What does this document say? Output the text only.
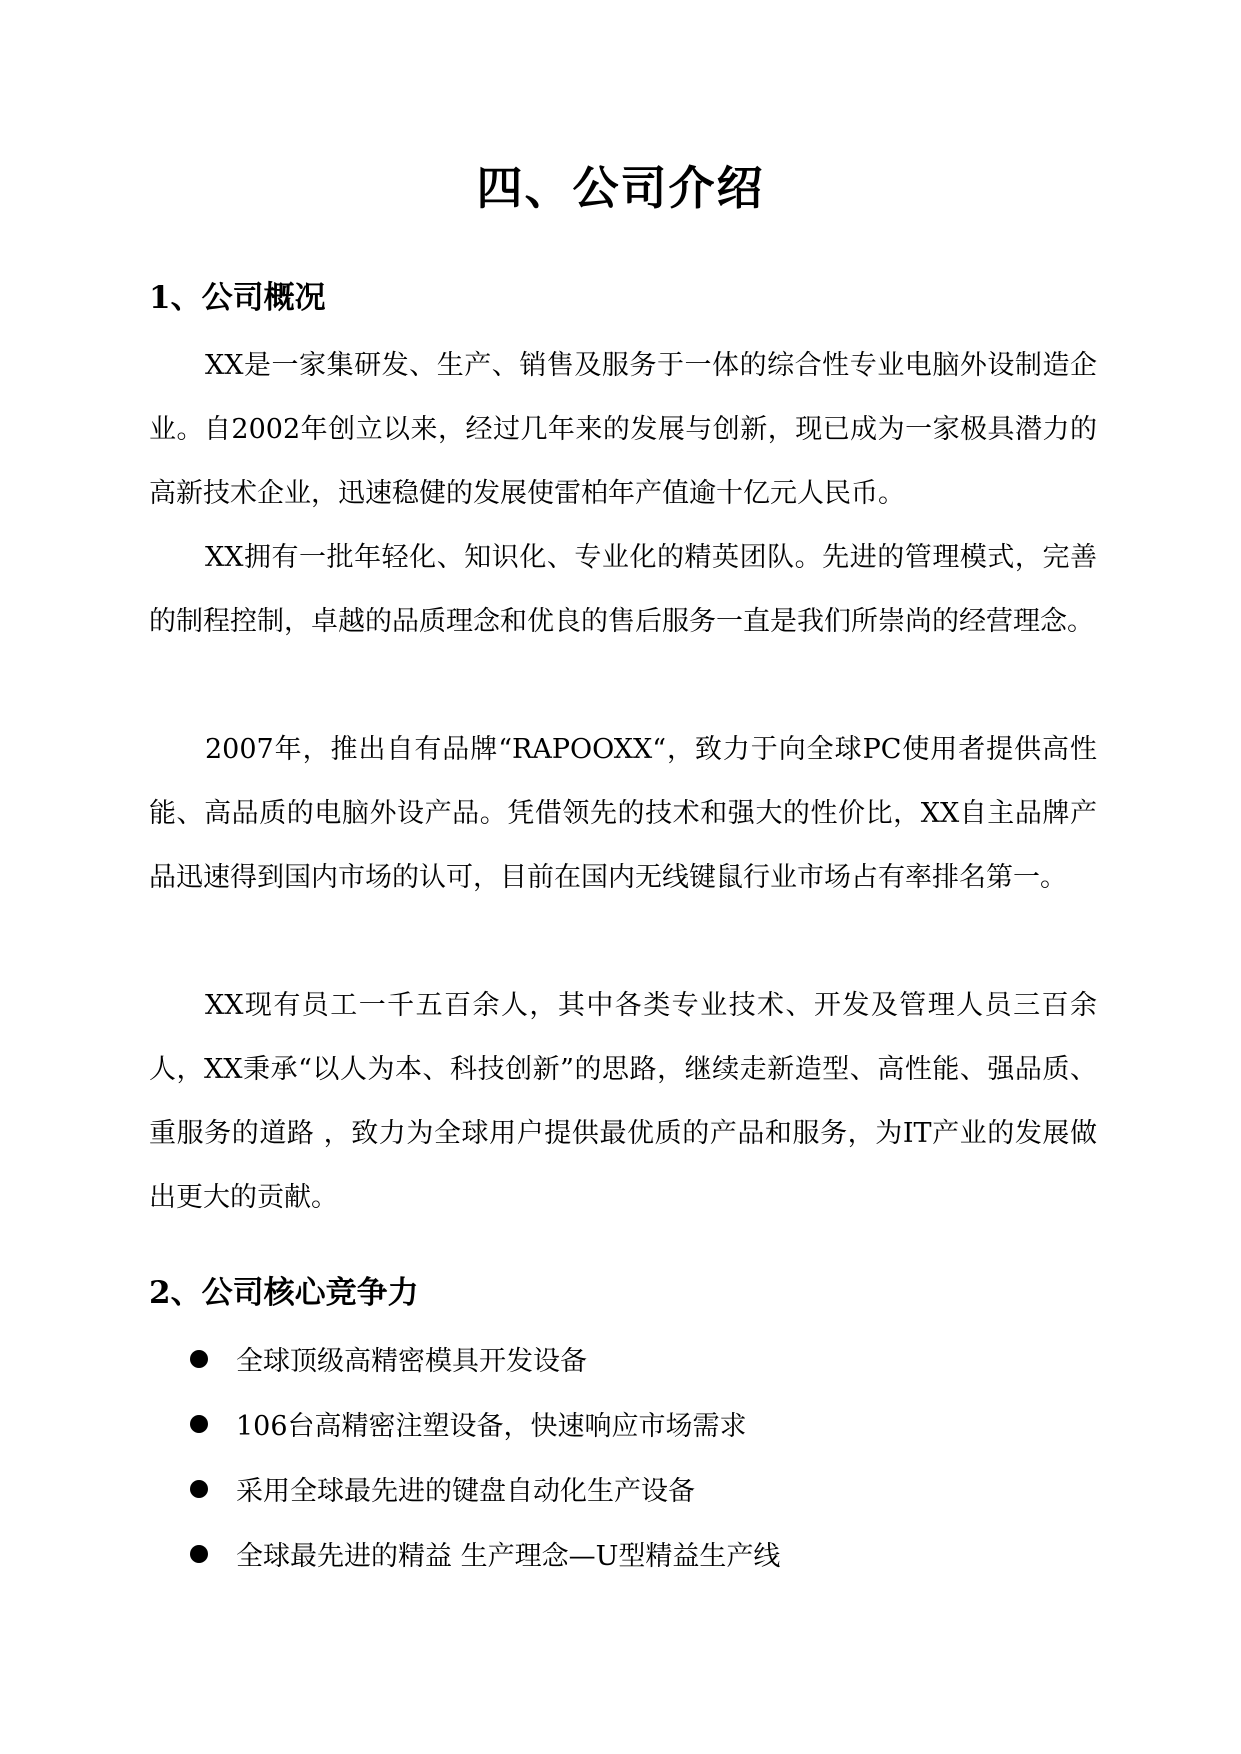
四、公司介绍
1、公司概况

XX是一家集研发、生产、销售及服务于一体的综合性专业电脑外设制造企业。自2002年创立以来，经过几年来的发展与创新，现已成为一家极具潜力的高新技术企业，迅速稳健的发展使雷柏年产值逾十亿元人民币。

XX拥有一批年轻化、知识化、专业化的精英团队。先进的管理模式，完善的制程控制，卓越的品质理念和优良的售后服务一直是我们所崇尚的经营理念。

2007年，推出自有品牌“RAPOOXX“，致力于向全球PC使用者提供高性能、高品质的电脑外设产品。凭借领先的技术和强大的性价比，XX自主品牌产品迅速得到国内市场的认可，目前在国内无线键鼠行业市场占有率排名第一。

XX现有员工一千五百余人，其中各类专业技术、开发及管理人员三百余人，XX秉承“以人为本、科技创新”的思路，继续走新造型、高性能、强品质、重服务的道路 ，致力为全球用户提供最优质的产品和服务，为IT产业的发展做出更大的贡献。

2、公司核心竞争力
全球顶级高精密模具开发设备
106台高精密注塑设备，快速响应市场需求
采用全球最先进的键盘自动化生产设备
全球最先进的精益 生产理念—U型精益生产线
